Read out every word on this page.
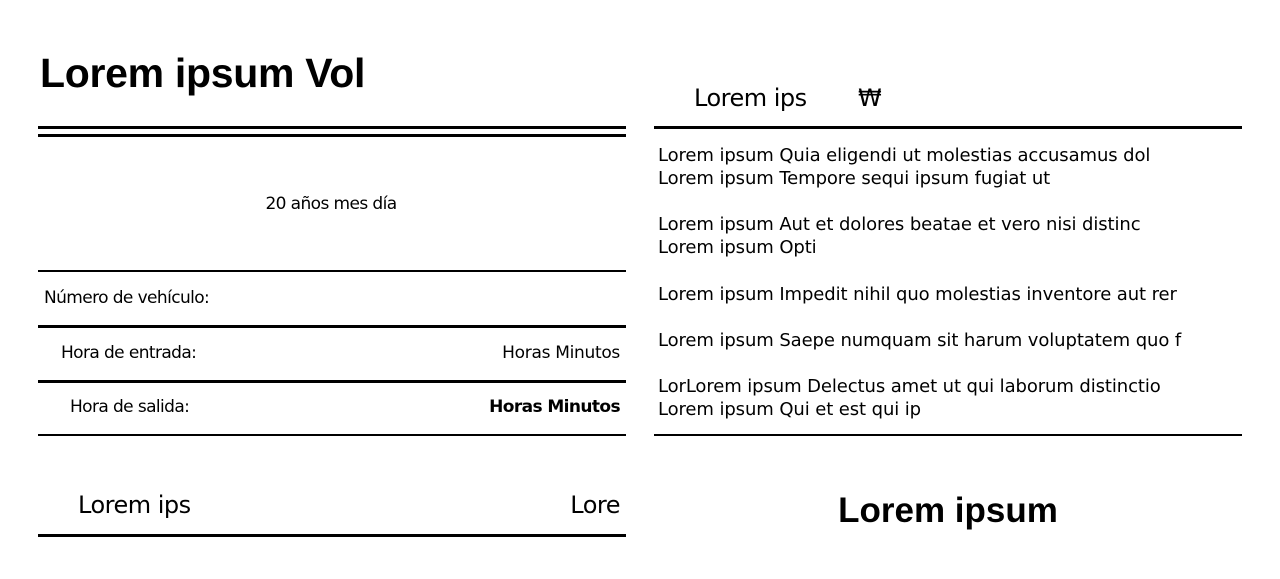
Lorem ipsum Vol
20 años mes día
Número de vehículo:
Hora de entrada:	Horas Minutos
Hora de salida:	Horas Minutos
Lorem ips	Lore
Lorem ips ₩
Lorem ipsum Quia eligendi ut molestias accusamus dol
Lorem ipsum Tempore sequi ipsum fugiat ut
Lorem ipsum Aut et dolores beatae et vero nisi distinc
Lorem ipsum Opti
Lorem ipsum Impedit nihil quo molestias inventore aut rer
Lorem ipsum Saepe numquam sit harum voluptatem quo f
LorLorem ipsum Delectus amet ut qui laborum distinctio
Lorem ipsum Qui et est qui ip
Lorem ipsum
